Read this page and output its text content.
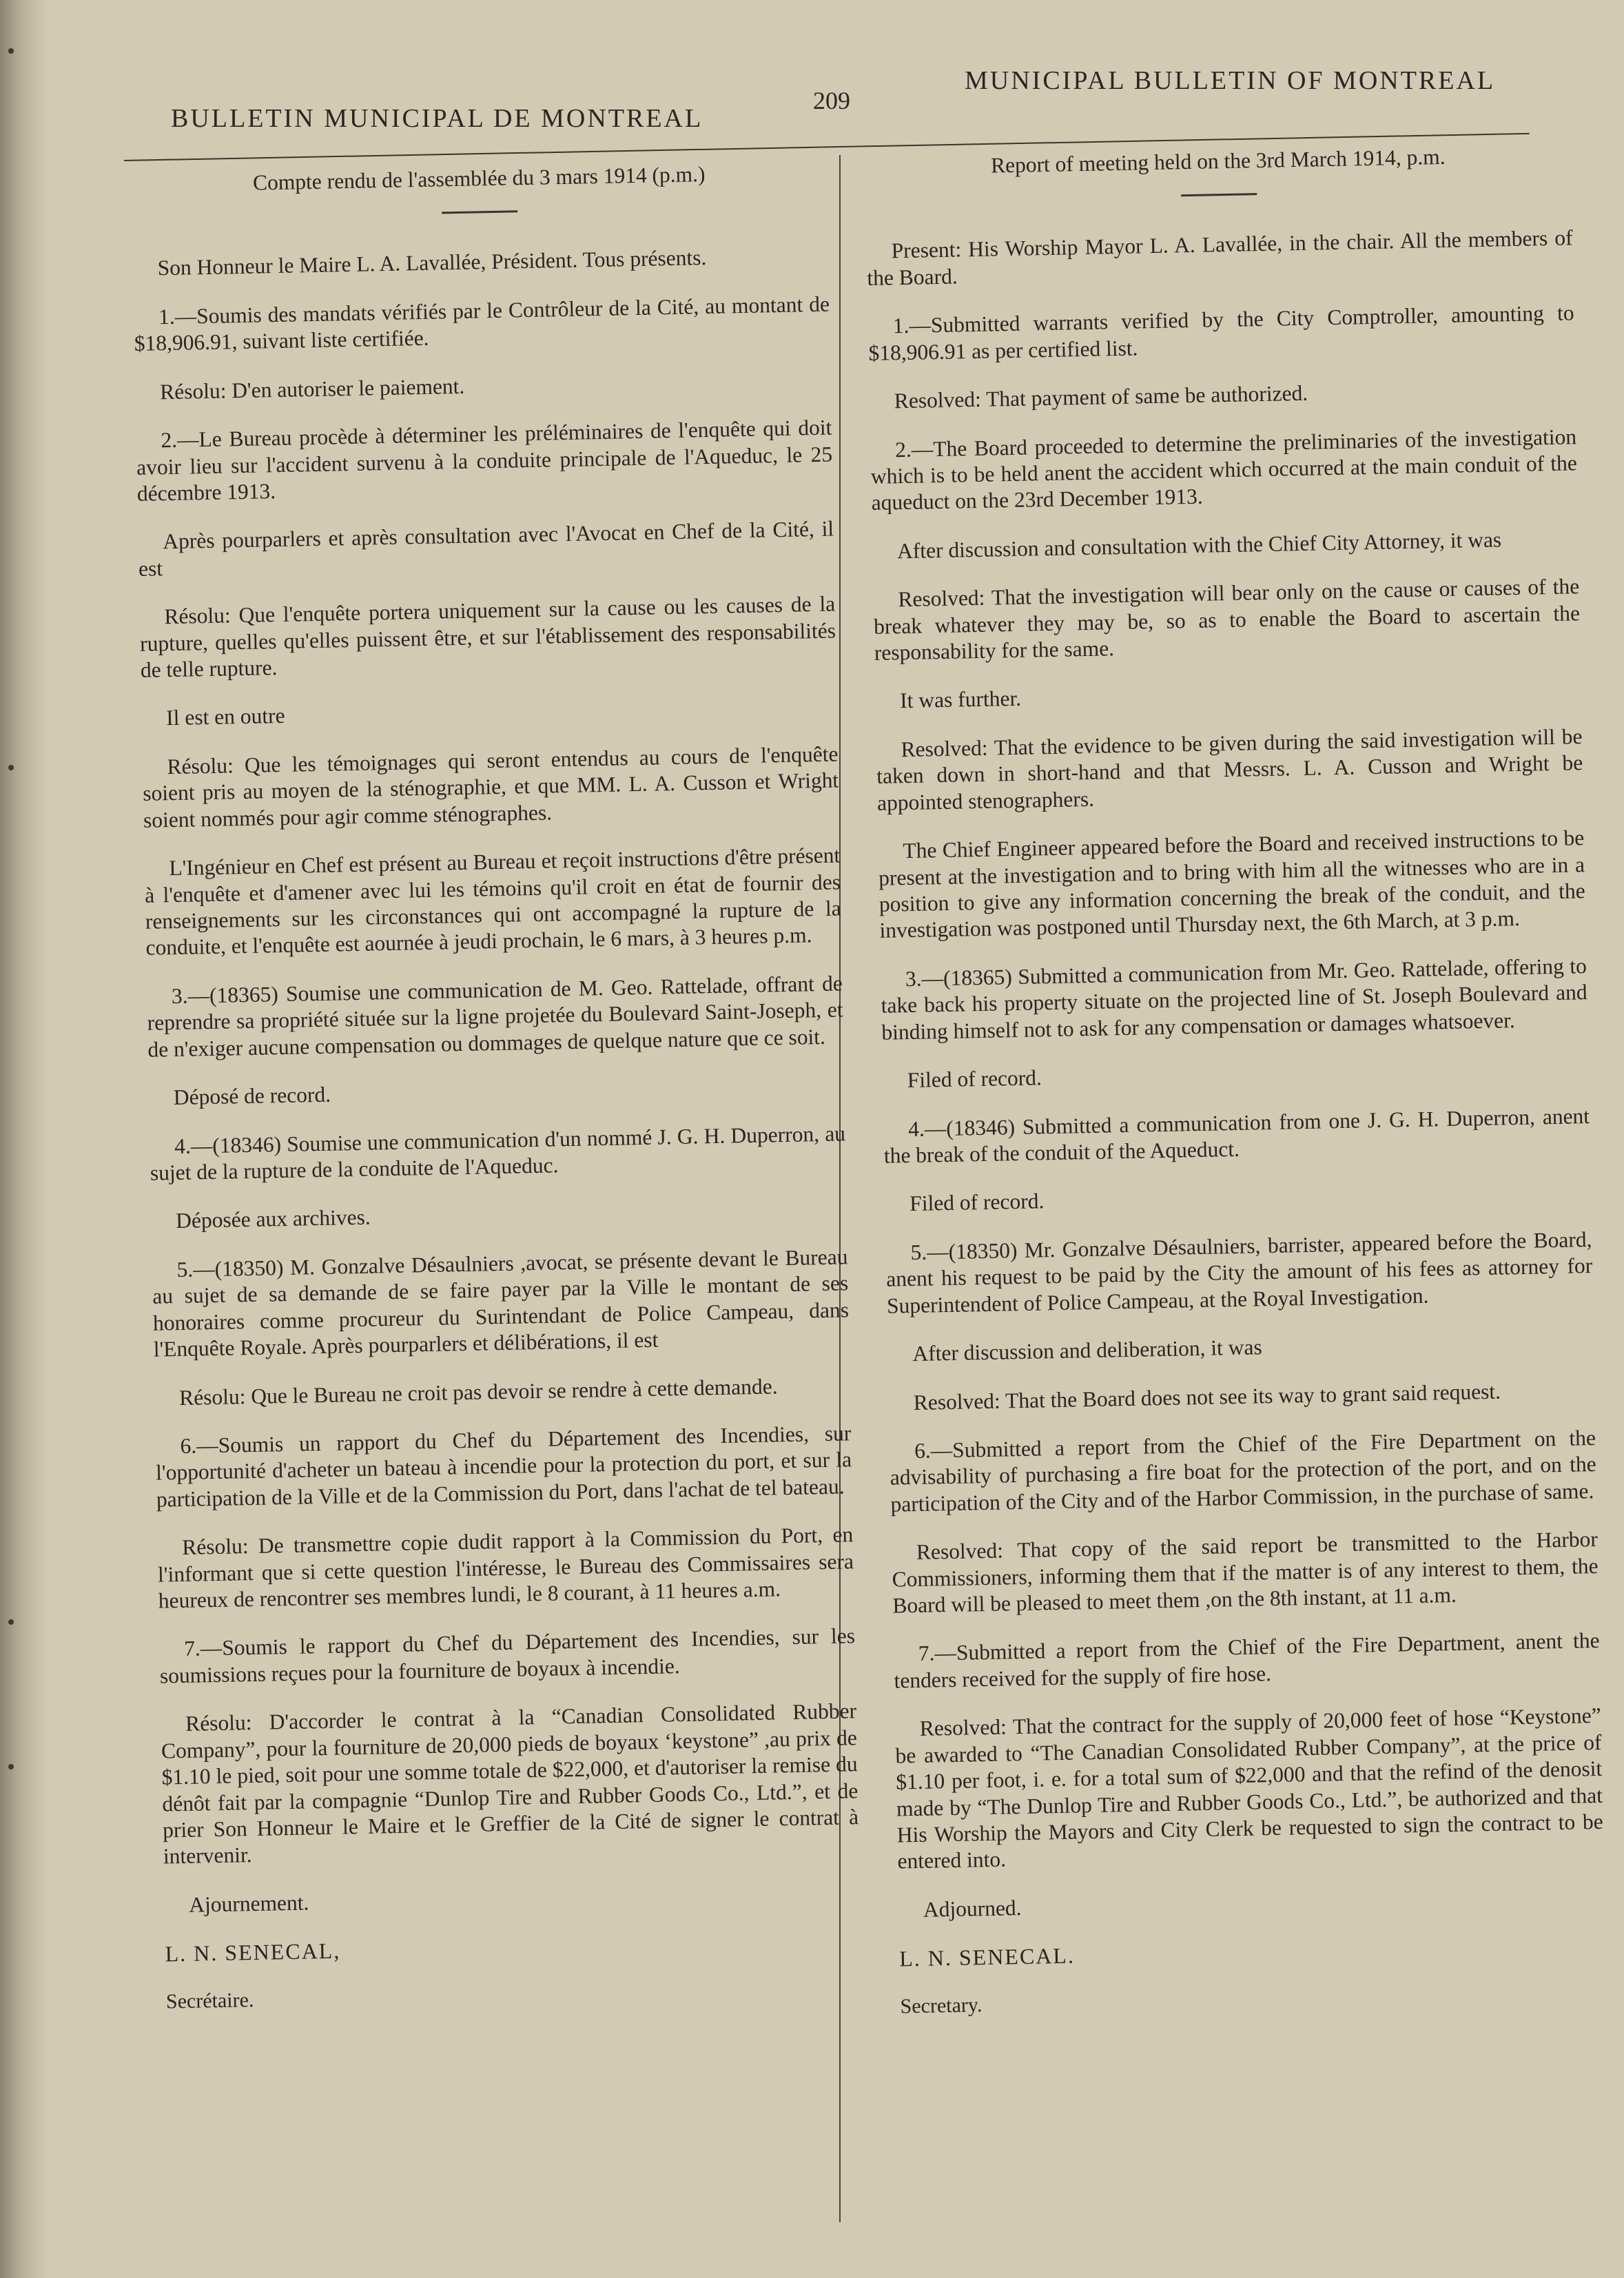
BULLETIN MUNICIPAL DE MONTREAL
209
MUNICIPAL BULLETIN OF MONTREAL

Compte rendu de l'assemblée du 3 mars 1914 (p.m.)

Son Honneur le Maire L. A. Lavallée, Président. Tous présents.

1.—Soumis des mandats vérifiés par le Contrôleur de la Cité, au montant de $18,906.91, suivant liste certifiée.

Résolu: D'en autoriser le paiement.

2.—Le Bureau procède à déterminer les préléminaires de l'enquête qui doit avoir lieu sur l'accident survenu à la conduite principale de l'Aqueduc, le 25 décembre 1913.

Après pourparlers et après consultation avec l'Avocat en Chef de la Cité, il est

Résolu: Que l'enquête portera uniquement sur la cause ou les causes de la rupture, quelles qu'elles puissent être, et sur l'établissement des responsabilités de telle rupture.

Il est en outre

Résolu: Que les témoignages qui seront entendus au cours de l'enquête soient pris au moyen de la sténographie, et que MM. L. A. Cusson et Wright soient nommés pour agir comme sténographes.

L'Ingénieur en Chef est présent au Bureau et reçoit instructions d'être présent à l'enquête et d'amener avec lui les témoins qu'il croit en état de fournir des renseignements sur les circonstances qui ont accompagné la rupture de la conduite, et l'enquête est aournée à jeudi prochain, le 6 mars, à 3 heures p.m.

3.—(18365) Soumise une communication de M. Geo. Rattelade, offrant de reprendre sa propriété située sur la ligne projetée du Boulevard Saint-Joseph, et de n'exiger aucune compensation ou dommages de quelque nature que ce soit.

Déposé de record.

4.—(18346) Soumise une communication d'un nommé J. G. H. Duperron, au sujet de la rupture de la conduite de l'Aqueduc.

Déposée aux archives.

5.—(18350) M. Gonzalve Désaulniers ,avocat, se présente devant le Bureau au sujet de sa demande de se faire payer par la Ville le montant de ses honoraires comme procureur du Surintendant de Police Campeau, dans l'Enquête Royale. Après pourparlers et délibérations, il est

Résolu: Que le Bureau ne croit pas devoir se rendre à cette demande.

6.—Soumis un rapport du Chef du Département des Incendies, sur l'opportunité d'acheter un bateau à incendie pour la protection du port, et sur la participation de la Ville et de la Commission du Port, dans l'achat de tel bateau.

Résolu: De transmettre copie dudit rapport à la Commission du Port, en l'informant que si cette question l'intéresse, le Bureau des Commissaires sera heureux de rencontrer ses membres lundi, le 8 courant, à 11 heures a.m.

7.—Soumis le rapport du Chef du Département des Incendies, sur les soumissions reçues pour la fourniture de boyaux à incendie.

Résolu: D'accorder le contrat à la “Canadian Consolidated Rubber Company”, pour la fourniture de 20,000 pieds de boyaux ‘keystone” ,au prix de $1.10 le pied, soit pour une somme totale de $22,000, et d'autoriser la remise du dénôt fait par la compagnie “Dunlop Tire and Rubber Goods Co., Ltd.”, et de prier Son Honneur le Maire et le Greffier de la Cité de signer le contrat à intervenir.

Ajournement.

L. N. SENECAL,

Secrétaire.

Report of meeting held on the 3rd March 1914, p.m.

Present: His Worship Mayor L. A. Lavallée, in the chair. All the members of the Board.

1.—Submitted warrants verified by the City Comptroller, amounting to $18,906.91 as per certified list.

Resolved: That payment of same be authorized.

2.—The Board proceeded to determine the preliminaries of the investigation which is to be held anent the accident which occurred at the main conduit of the aqueduct on the 23rd December 1913.

After discussion and consultation with the Chief City Attorney, it was

Resolved: That the investigation will bear only on the cause or causes of the break whatever they may be, so as to enable the Board to ascertain the responsability for the same.

It was further.

Resolved: That the evidence to be given during the said investigation will be taken down in short-hand and that Messrs. L. A. Cusson and Wright be appointed stenographers.

The Chief Engineer appeared before the Board and received instructions to be present at the investigation and to bring with him all the witnesses who are in a position to give any information concerning the break of the conduit, and the investigation was postponed until Thursday next, the 6th March, at 3 p.m.

3.—(18365) Submitted a communication from Mr. Geo. Rattelade, offering to take back his property situate on the projected line of St. Joseph Boulevard and binding himself not to ask for any compensation or damages whatsoever.

Filed of record.

4.—(18346) Submitted a communication from one J. G. H. Duperron, anent the break of the conduit of the Aqueduct.

Filed of record.

5.—(18350) Mr. Gonzalve Désaulniers, barrister, appeared before the Board, anent his request to be paid by the City the amount of his fees as attorney for Superintendent of Police Campeau, at the Royal Investigation.

After discussion and deliberation, it was

Resolved: That the Board does not see its way to grant said request.

6.—Submitted a report from the Chief of the Fire Department on the advisability of purchasing a fire boat for the protection of the port, and on the participation of the City and of the Harbor Commission, in the purchase of same.

Resolved: That copy of the said report be transmitted to the Harbor Commissioners, informing them that if the matter is of any interest to them, the Board will be pleased to meet them ,on the 8th instant, at 11 a.m.

7.—Submitted a report from the Chief of the Fire Department, anent the tenders received for the supply of fire hose.

Resolved: That the contract for the supply of 20,000 feet of hose “Keystone” be awarded to “The Canadian Consolidated Rubber Company”, at the price of $1.10 per foot, i. e. for a total sum of $22,000 and that the refind of the denosit made by “The Dunlop Tire and Rubber Goods Co., Ltd.”, be authorized and that His Worship the Mayors and City Clerk be requested to sign the contract to be entered into.

Adjourned.

L. N. SENECAL.

Secretary.
